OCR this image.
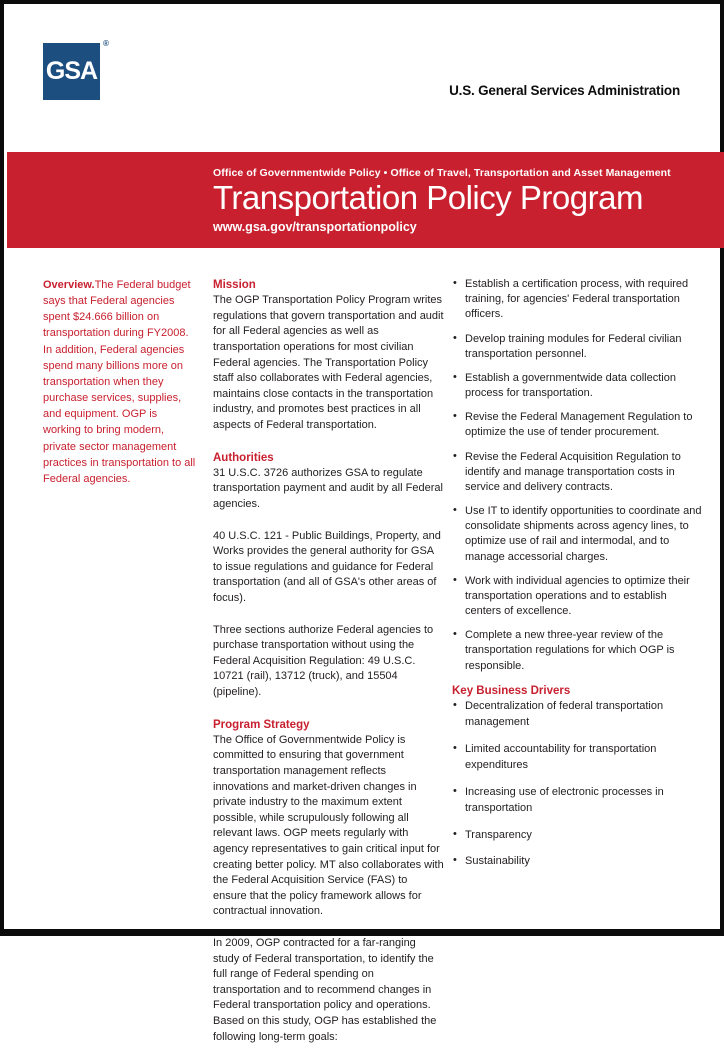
GSA
®
U.S. General Services Administration
Office of Governmentwide Policy • Office of Travel, Transportation and Asset Management
Transportation Policy Program
www.gsa.gov/transportationpolicy

Overview.The Federal budget says that Federal agencies spent $24.666 billion on transportation during FY2008. In addition, Federal agencies spend many billions more on transportation when they purchase services, supplies, and equipment. OGP is working to bring modern, private sector management practices in transportation to all Federal agencies.

Mission

The OGP Transportation Policy Program writes regulations that govern transportation and audit for all Federal agencies as well as transportation operations for most civilian Federal agencies. The Transportation Policy staff also collaborates with Federal agencies, maintains close contacts in the transportation industry, and promotes best practices in all aspects of Federal transportation.

Authorities

31 U.S.C. 3726 authorizes GSA to regulate transportation payment and audit by all Federal agencies.

40 U.S.C. 121 - Public Buildings, Property, and Works provides the general authority for GSA to issue regulations and guidance for Federal transportation (and all of GSA's other areas of focus).

Three sections authorize Federal agencies to purchase transportation without using the Federal Acquisition Regulation: 49 U.S.C. 10721 (rail), 13712 (truck), and 15504 (pipeline).

Program Strategy

The Office of Governmentwide Policy is committed to ensuring that government transportation management reflects innovations and market-driven changes in private industry to the maximum extent possible, while scrupulously following all relevant laws. OGP meets regularly with agency representatives to gain critical input for creating better policy. MT also collaborates with the Federal Acquisition Service (FAS) to ensure that the policy framework allows for contractual innovation.

In 2009, OGP contracted for a far-ranging study of Federal transportation, to identify the full range of Federal spending on transportation and to recommend changes in Federal transportation policy and operations. Based on this study, OGP has established the following long-term goals:

• Establish a certification process, with required training, for agencies' Federal transportation officers.
• Develop training modules for Federal civilian transportation personnel.
• Establish a governmentwide data collection process for transportation.
• Revise the Federal Management Regulation to optimize the use of tender procurement.
• Revise the Federal Acquisition Regulation to identify and manage transportation costs in service and delivery contracts.
• Use IT to identify opportunities to coordinate and consolidate shipments across agency lines, to optimize use of rail and intermodal, and to manage accessorial charges.
• Work with individual agencies to optimize their transportation operations and to establish centers of excellence.
• Complete a new three-year review of the transportation regulations for which OGP is responsible.
Key Business Drivers
• Decentralization of federal transportation management
• Limited accountability for transportation expenditures
• Increasing use of electronic processes in transportation
• Transparency
• Sustainability
